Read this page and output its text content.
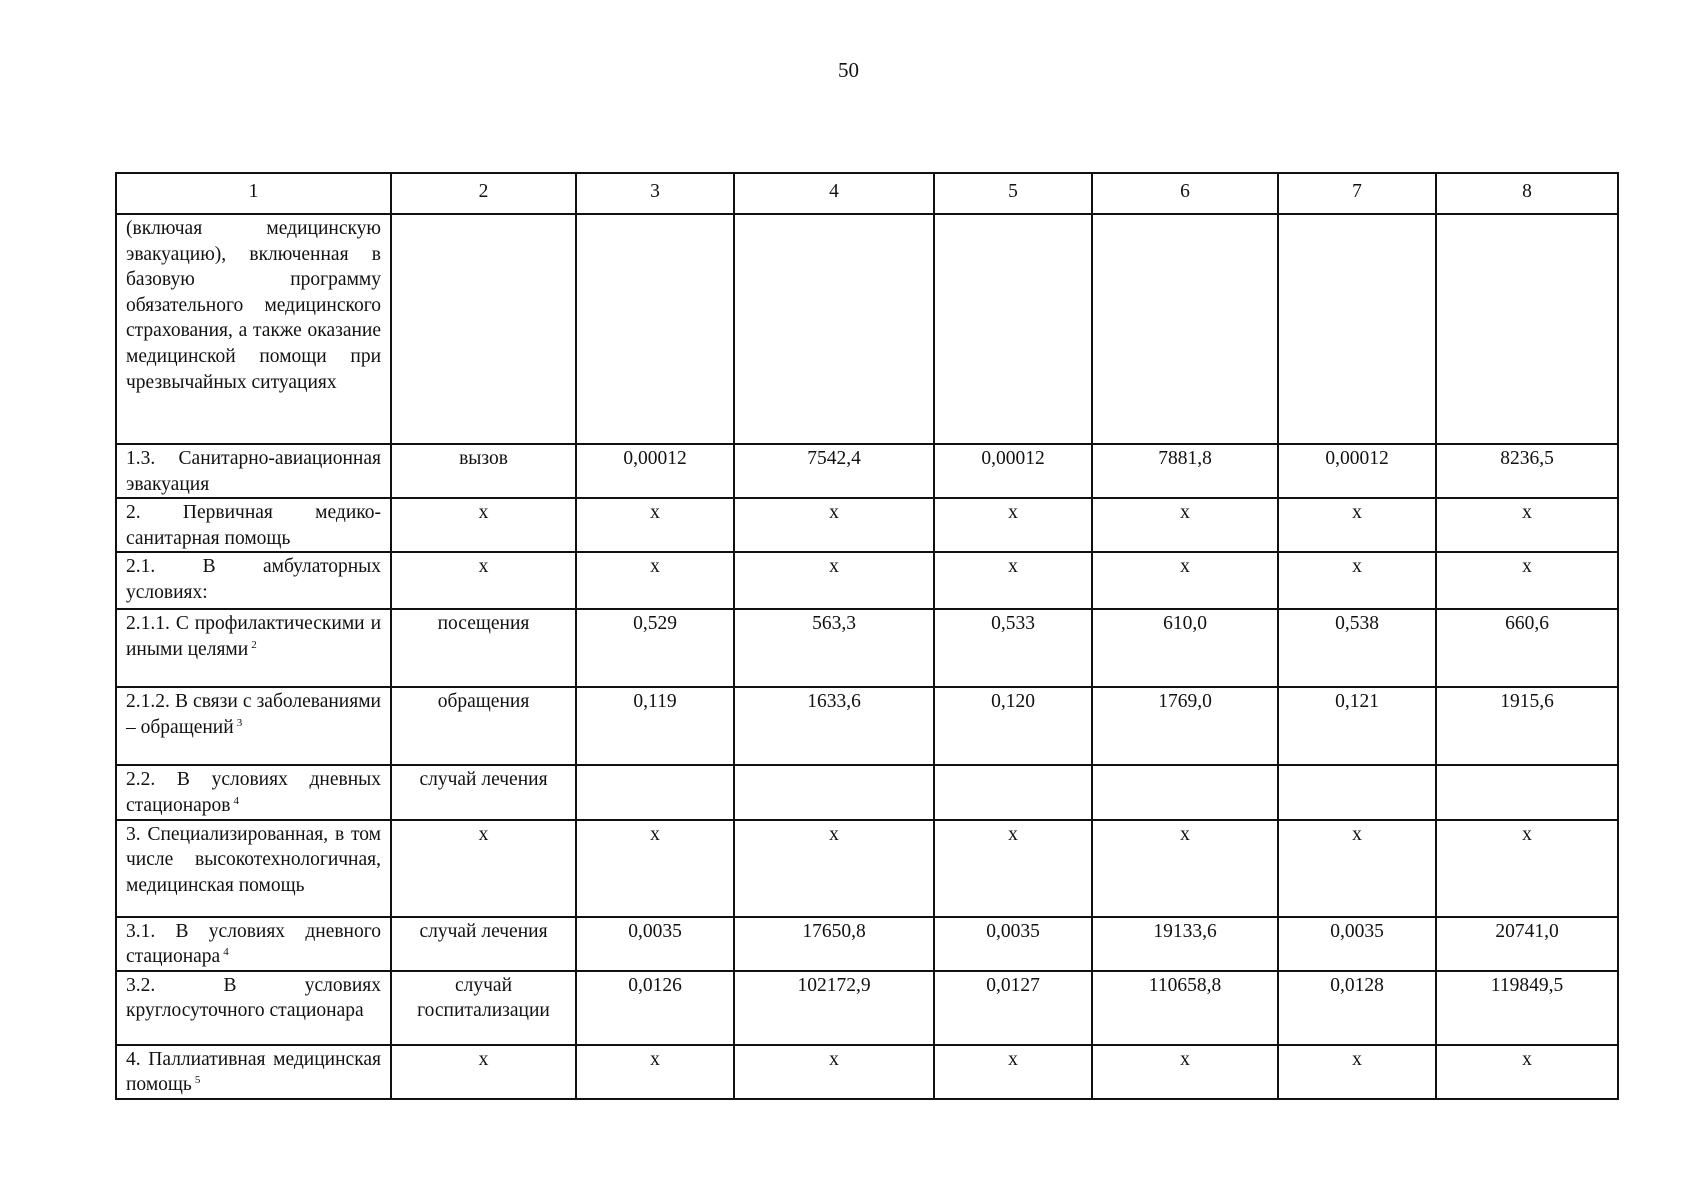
50
1	2	3	4	5	6	7	8
(включая медицинскую эвакуацию), включенная в базовую программу обязательного медицинского страхования, а также оказание медицинской помощи при чрезвычайных ситуациях							
1.3. Санитарно-авиационная эвакуация	вызов	0,00012	7542,4	0,00012	7881,8	0,00012	8236,5
2. Первичная медико-санитарная помощь	х	х	х	х	х	х	х
2.1. В амбулаторных условиях:	х	х	х	х	х	х	х
2.1.1. С профилактическими и иными целями $^2$	посещения	0,529	563,3	0,533	610,0	0,538	660,6
2.1.2. В связи с заболеваниями – обращений $^3$	обращения	0,119	1633,6	0,120	1769,0	0,121	1915,6
2.2. В условиях дневных стационаров $^4$	случай лечения						
3. Специализированная, в том числе высокотехнологичная, медицинская помощь	х	х	х	х	х	х	х
3.1. В условиях дневного стационара $^4$	случай лечения	0,0035	17650,8	0,0035	19133,6	0,0035	20741,0
3.2. В условиях круглосуточного стационара	случай госпитализации	0,0126	102172,9	0,0127	110658,8	0,0128	119849,5
4. Паллиативная медицинская помощь $^5$	х	х	х	х	х	х	х
